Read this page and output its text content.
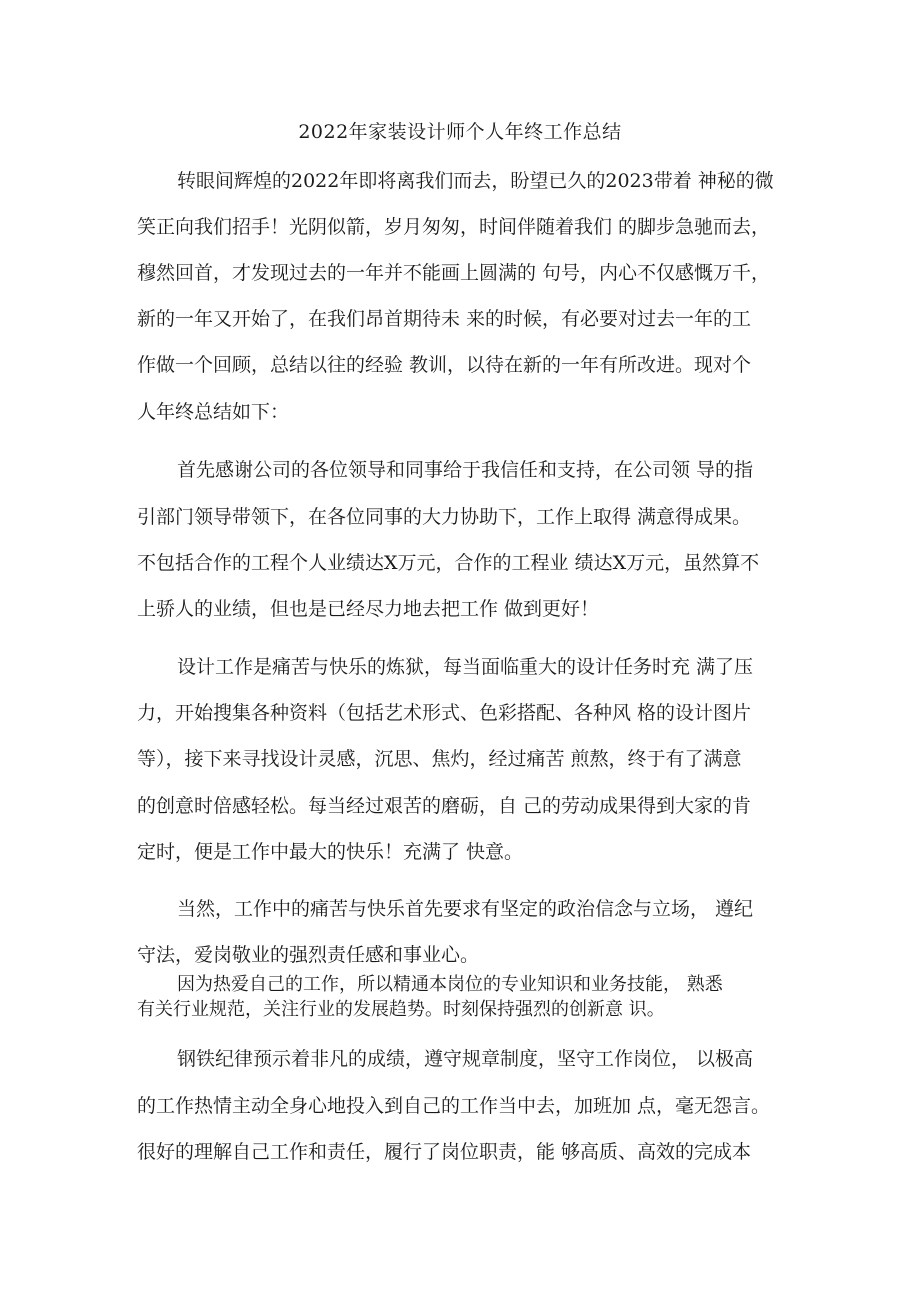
2022年家装设计师个人年终工作总结
转眼间辉煌的2022年即将离我们而去，盼望已久的2023带着 神秘的微
笑正向我们招手！光阴似箭，岁月匆匆，时间伴随着我们 的脚步急驰而去，
穆然回首，才发现过去的一年并不能画上圆满的 句号，内心不仅感慨万千，
新的一年又开始了，在我们昂首期待未 来的时候，有必要对过去一年的工
作做一个回顾，总结以往的经验 教训，以待在新的一年有所改进。现对个
人年终总结如下：
首先感谢公司的各位领导和同事给于我信任和支持，在公司领 导的指
引部门领导带领下，在各位同事的大力协助下，工作上取得 满意得成果。
不包括合作的工程个人业绩达X万元，合作的工程业 绩达X万元，虽然算不
上骄人的业绩，但也是已经尽力地去把工作 做到更好！
设计工作是痛苦与快乐的炼狱，每当面临重大的设计任务时充 满了压
力，开始搜集各种资料（包括艺术形式、色彩搭配、各种风 格的设计图片
等），接下来寻找设计灵感，沉思、焦灼，经过痛苦 煎熬，终于有了满意
的创意时倍感轻松。每当经过艰苦的磨砺，自 己的劳动成果得到大家的肯
定时，便是工作中最大的快乐！充满了 快意。
当然，工作中的痛苦与快乐首先要求有坚定的政治信念与立场， 遵纪
守法，爱岗敬业的强烈责任感和事业心。
因为热爱自己的工作，所以精通本岗位的专业知识和业务技能， 熟悉
有关行业规范，关注行业的发展趋势。时刻保持强烈的创新意 识。
钢铁纪律预示着非凡的成绩，遵守规章制度，坚守工作岗位， 以极高
的工作热情主动全身心地投入到自己的工作当中去，加班加 点，毫无怨言。
很好的理解自己工作和责任，履行了岗位职责，能 够高质、高效的完成本
